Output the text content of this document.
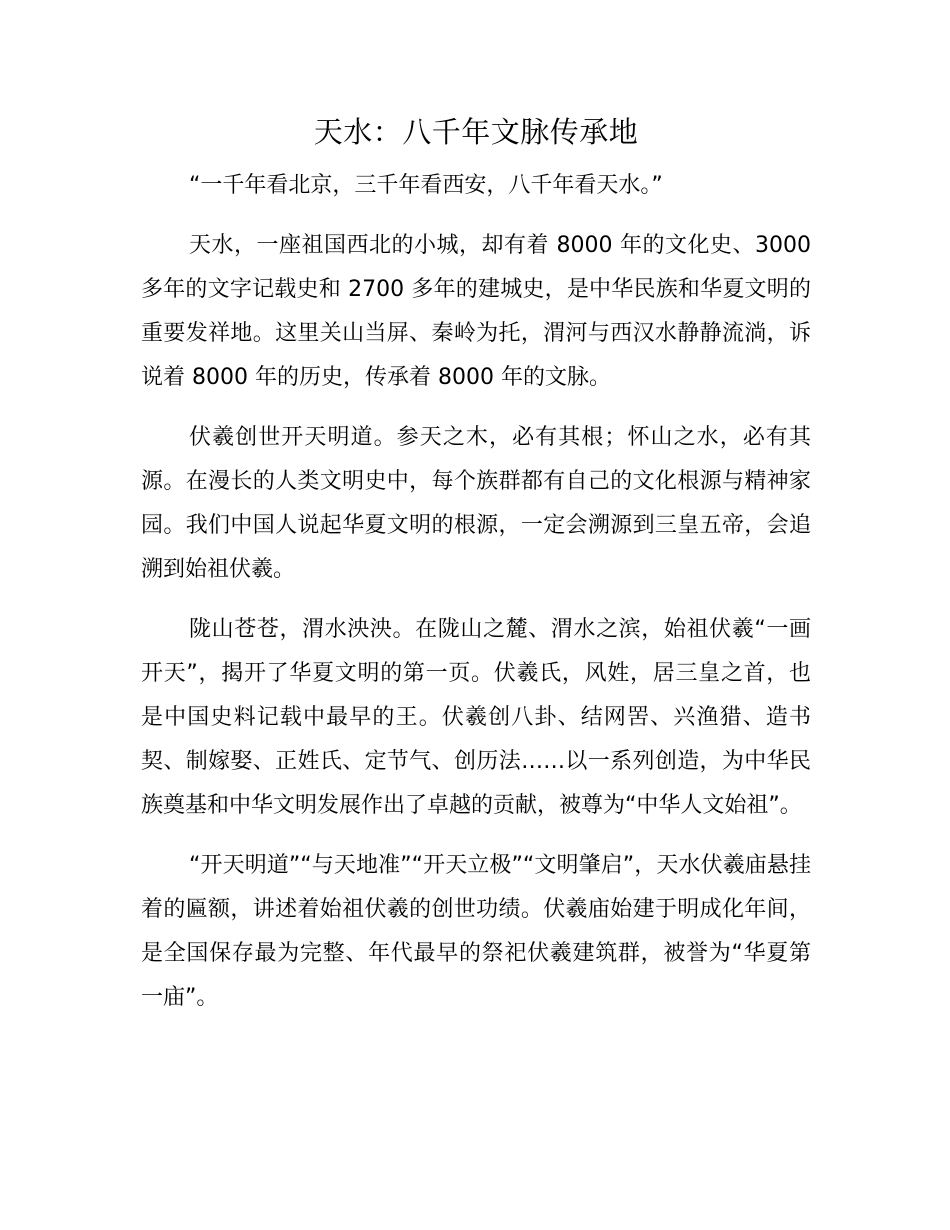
天水：八千年文脉传承地

“一千年看北京，三千年看西安，八千年看天水。”

天水，一座祖国西北的小城，却有着 8000 年的文化史、3000 多年的文字记载史和 2700 多年的建城史，是中华民族和华夏文明的重要发祥地。这里关山当屏、秦岭为托，渭河与西汉水静静流淌，诉说着 8000 年的历史，传承着 8000 年的文脉。

伏羲创世开天明道。参天之木，必有其根；怀山之水，必有其源。在漫长的人类文明史中，每个族群都有自己的文化根源与精神家园。我们中国人说起华夏文明的根源，一定会溯源到三皇五帝，会追溯到始祖伏羲。

陇山苍苍，渭水泱泱。在陇山之麓、渭水之滨，始祖伏羲“一画开天”，揭开了华夏文明的第一页。伏羲氏，风姓，居三皇之首，也是中国史料记载中最早的王。伏羲创八卦、结网罟、兴渔猎、造书契、制嫁娶、正姓氏、定节气、创历法……以一系列创造，为中华民族奠基和中华文明发展作出了卓越的贡献，被尊为“中华人文始祖”。

“开天明道”“与天地准”“开天立极”“文明肇启”，天水伏羲庙悬挂着的匾额，讲述着始祖伏羲的创世功绩。伏羲庙始建于明成化年间，是全国保存最为完整、年代最早的祭祀伏羲建筑群，被誉为“华夏第一庙”。
